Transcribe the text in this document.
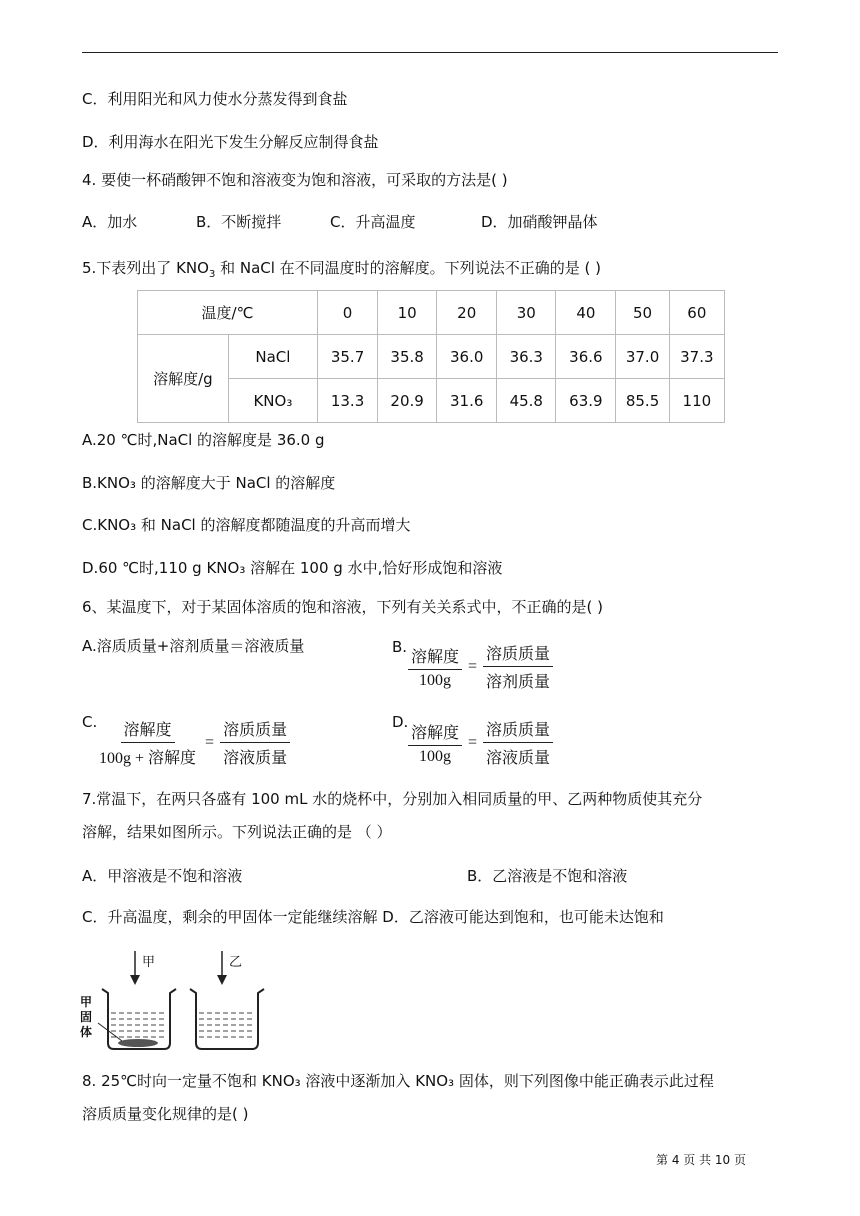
C．利用阳光和风力使水分蒸发得到食盐
D．利用海水在阳光下发生分解反应制得食盐
4. 要使一杯硝酸钾不饱和溶液变为饱和溶液，可采取的方法是( )
A．加水	B．不断搅拌	C．升高温度	D．加硝酸钾晶体
5.下表列出了 $KNO_3$ 和 NaCl 在不同温度时的溶解度。下列说法不正确的是 ( )
温度/℃		0	10	20	30	40	50	60
溶解度/g	NaCl	35.7	35.8	36.0	36.3	36.6	37.0	37.3
	KNO₃	13.3	20.9	31.6	45.8	63.9	85.5	110
A.20 ℃时,NaCl 的溶解度是 36.0 g
B.KNO₃ 的溶解度大于 NaCl 的溶解度
C.KNO₃ 和 NaCl 的溶解度都随温度的升高而增大
D.60 ℃时,110 g KNO₃ 溶解在 100 g 水中,恰好形成饱和溶液
6、某温度下，对于某固体溶质的饱和溶液，下列有关关系式中，不正确的是( )
A.溶质质量+溶剂质量＝溶液质量	B.
溶解度
100g
=
溶质质量
溶剂质量
C. 溶解度
100g + 溶解度
=
溶质质量
溶液质量
D.
溶解度
100g
=
溶质质量
溶液质量
7.常温下，在两只各盛有 100 mL 水的烧杯中，分别加入相同质量的甲、乙两种物质使其充分
溶解，结果如图所示。下列说法正确的是 （ ）
A．甲溶液是不饱和溶液	B．乙溶液是不饱和溶液
C．升高温度，剩余的甲固体一定能继续溶解 D．乙溶液可能达到饱和，也可能未达饱和
甲	乙
甲
固
体
8. 25℃时向一定量不饱和 KNO₃ 溶液中逐渐加入 KNO₃ 固体，则下列图像中能正确表示此过程
溶质质量变化规律的是( )
第 4 页 共 10 页
